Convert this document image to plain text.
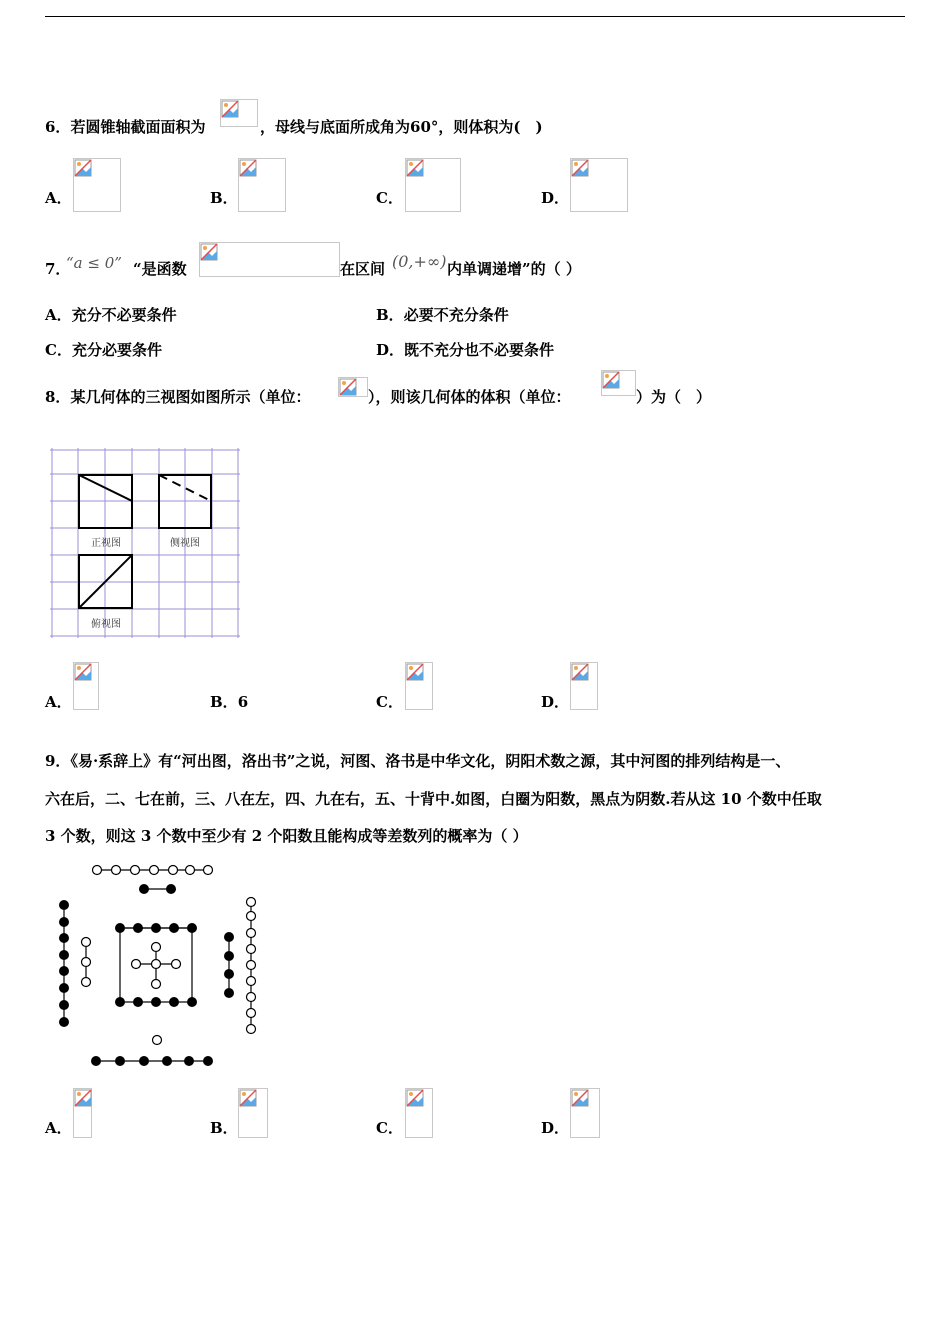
6．若圆锥轴截面面积为	，母线与底面所成角为60°，则体积为(　)
A．	B．	C．	D．
7．
“a ≤ 0” “是函数	在区间 (0,+∞) 内单调递增”的（ ）
A．充分不必要条件	B．必要不充分条件
C．充分必要条件	D．既不充分也不必要条件
8．某几何体的三视图如图所示（单位：	），则该几何体的体积（单位：	）为（　）
正视图	侧视图
俯视图
A．	B．6	C．	D．
9．《易·系辞上》有“河出图，洛出书”之说，河图、洛书是中华文化，阴阳术数之源，其中河图的排列结构是一、
六在后，二、七在前，三、八在左，四、九在右，五、十背中.如图，白圈为阳数，黑点为阴数.若从这 10 个数中任取
3 个数，则这 3 个数中至少有 2 个阳数且能构成等差数列的概率为（ ）
A．	B．	C．	D．
